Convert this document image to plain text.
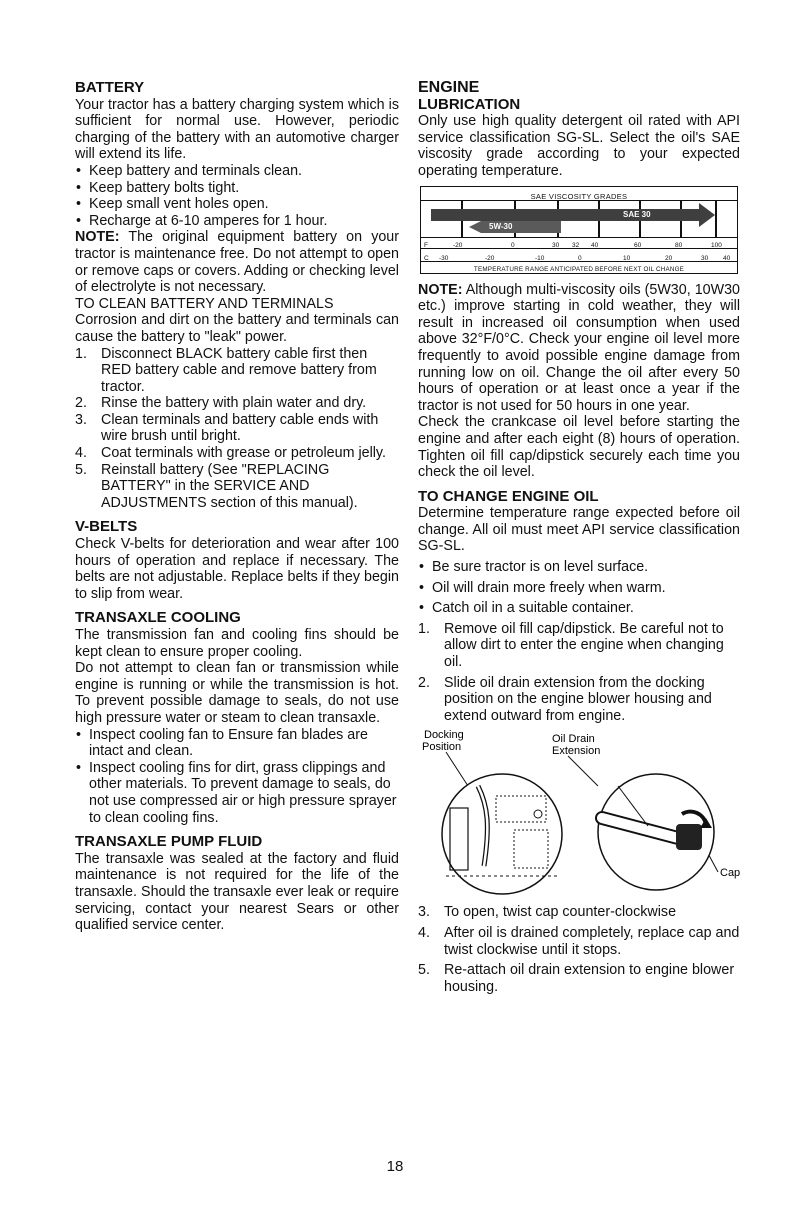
BATTERY

Your tractor has a battery charging system which is sufficient for normal use. However, periodic charging of the battery with an automotive charger will extend its life.

• Keep battery and terminals clean.
• Keep battery bolts tight.
• Keep small vent holes open.
• Recharge at 6-10 amperes for 1 hour.

NOTE: The original equipment battery on your tractor is maintenance free. Do not attempt to open or remove caps or covers. Adding or checking level of electrolyte is not necessary.

TO CLEAN BATTERY AND TERMINALS

Corrosion and dirt on the battery and terminals can cause the battery to "leak" power.

1. Disconnect BLACK battery cable first then RED battery cable and remove battery from tractor.
2. Rinse the battery with plain water and dry.
3. Clean terminals and battery cable ends with wire brush until bright.
4. Coat terminals with grease or petroleum jelly.
5. Reinstall battery (See "REPLACING BATTERY" in the SERVICE AND ADJUSTMENTS section of this manual).
V-BELTS

Check V-belts for deterioration and wear after 100 hours of operation and replace if necessary. The belts are not adjustable. Replace belts if they begin to slip from wear.

TRANSAXLE COOLING

The transmission fan and cooling fins should be kept clean to ensure proper cooling.

Do not attempt to clean fan or transmission while engine is running or while the transmission is hot. To prevent possible damage to seals, do not use high pressure water or steam to clean transaxle.

• Inspect cooling fan to Ensure fan blades are intact and clean.
• Inspect cooling fins for dirt, grass clippings and other materials. To prevent damage to seals, do not use compressed air or high pressure sprayer to clean cooling fins.
TRANSAXLE PUMP FLUID

The transaxle was sealed at the factory and fluid maintenance is not required for the life of the transaxle. Should the transaxle ever leak or require servicing, contact your nearest Sears or other qualified service center.

ENGINE
LUBRICATION

Only use high quality detergent oil rated with API service classification SG-SL. Select the oil's SAE viscosity grade according to your expected operating temperature.

SAE VISCOSITY GRADES
SAE 30
5W-30
F	-20	0	30 32 40	60	80	100
C -30	-20	-10	0	10	20	30 40
TEMPERATURE RANGE ANTICIPATED BEFORE NEXT OIL CHANGE

NOTE: Although multi-viscosity oils (5W30, 10W30 etc.) improve starting in cold weather, they will result in increased oil consumption when used above 32°F/0°C. Check your engine oil level more frequently to avoid possible engine damage from running low on oil. Change the oil after every 50 hours of operation or at least once a year if the tractor is not used for 50 hours in one year.

Check the crankcase oil level before starting the engine and after each eight (8) hours of operation. Tighten oil fill cap/dipstick securely each time you check the oil level.

TO CHANGE ENGINE OIL

Determine temperature range expected before oil change. All oil must meet API service classification SG-SL.

• Be sure tractor is on level surface.
• Oil will drain more freely when warm.
• Catch oil in a suitable container.
1. Remove oil fill cap/dipstick. Be careful not to allow dirt to enter the engine when changing oil.
2. Slide oil drain extension from the docking position on the engine blower housing and extend outward from engine.
Docking
Position
Oil Drain
Extension
Cap
3. To open, twist cap counter-clockwise
4. After oil is drained completely, replace cap and twist clockwise until it stops.
5. Re-attach oil drain extension to engine blower housing.
18
